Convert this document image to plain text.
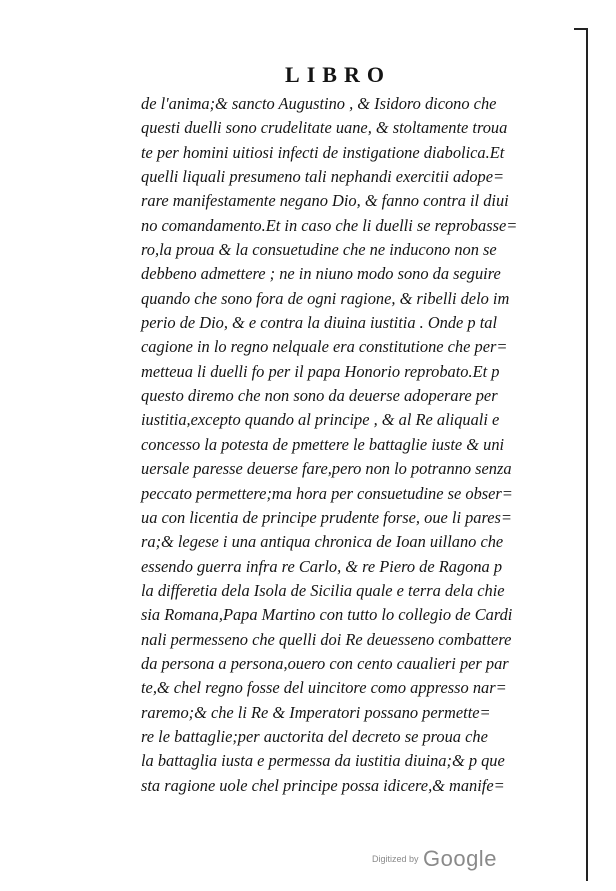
LIBRO
de l'anima;& sancto Augustino , & Isidoro dicono che
questi duelli sono crudelitate uane, & stoltamente troua
te per homini uitiosi infecti de instigatione diabolica.Et
quelli liquali presumeno tali nephandi exercitii adope=
rare manifestamente negano Dio, & fanno contra il diui
no comandamento.Et in caso che li duelli se reprobasse=
ro,la proua & la consuetudine che ne inducono non se
debbeno admettere ; ne in niuno modo sono da seguire
quando che sono fora de ogni ragione, & ribelli delo im
perio de Dio, & e contra la diuina iustitia . Onde p tal
cagione in lo regno nelquale era constitutione che per=
metteua li duelli fo per il papa Honorio reprobato.Et p
questo diremo che non sono da deuerse adoperare per
iustitia,excepto quando al principe , & al Re aliquali e
concesso la potesta de pmettere le battaglie iuste & uni
uersale paresse deuerse fare,pero non lo potranno senza
peccato permettere;ma hora per consuetudine se obser=
ua con licentia de principe prudente forse, oue li pares=
ra;& legese i una antiqua chronica de Ioan uillano che
essendo guerra infra re Carlo, & re Piero de Ragona p
la differetia dela Isola de Sicilia quale e terra dela chie
sia Romana,Papa Martino con tutto lo collegio de Cardi
nali permesseno che quelli doi Re deuesseno combattere
da persona a persona,ouero con cento caualieri per par
te,& chel regno fosse del uincitore como appresso nar=
raremo;& che li Re & Imperatori possano permette=
re le battaglie;per auctorita del decreto se proua che
la battaglia iusta e permessa da iustitia diuina;& p que
sta ragione uole chel principe possa idicere,& manife=
Digitized by Google
